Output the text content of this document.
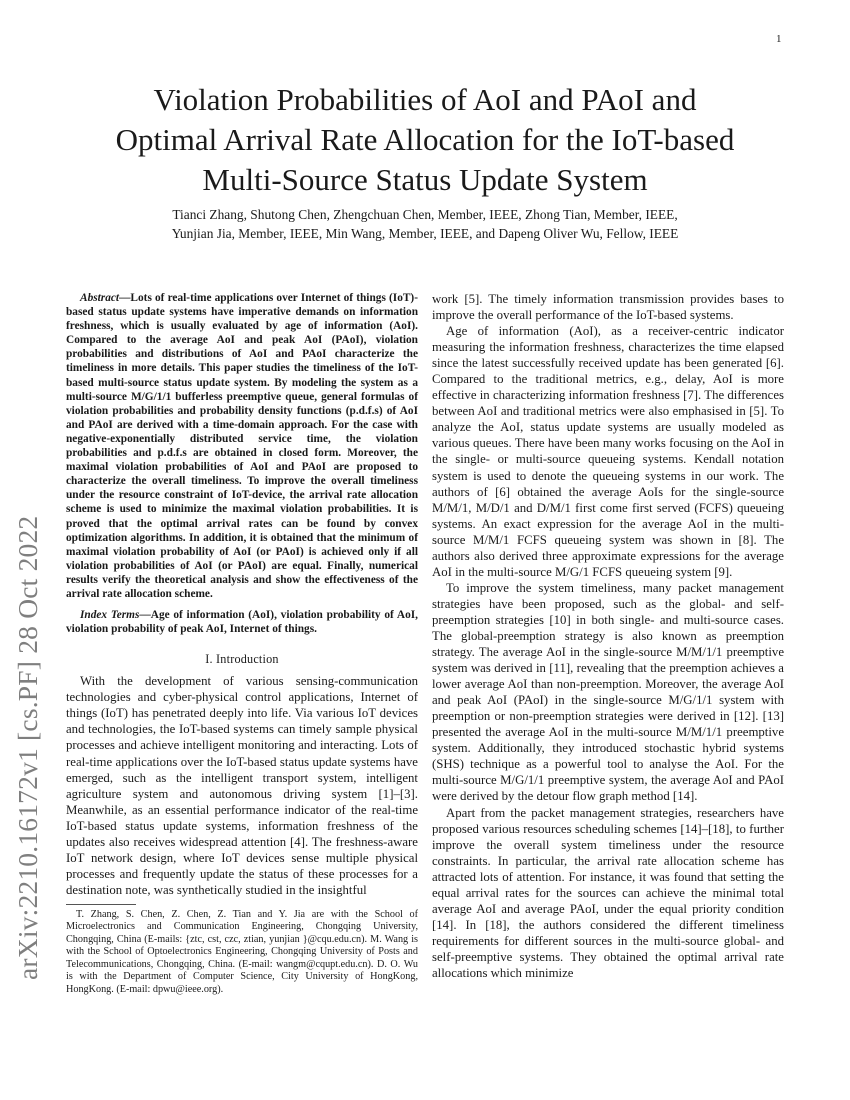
1
arXiv:2210.16172v1 [cs.PF] 28 Oct 2022
Violation Probabilities of AoI and PAoI and
Optimal Arrival Rate Allocation for the IoT-based
Multi-Source Status Update System
Tianci Zhang, Shutong Chen, Zhengchuan Chen, Member, IEEE, Zhong Tian, Member, IEEE,
Yunjian Jia, Member, IEEE, Min Wang, Member, IEEE, and Dapeng Oliver Wu, Fellow, IEEE

Abstract—Lots of real-time applications over Internet of things (IoT)-based status update systems have imperative demands on information freshness, which is usually evaluated by age of information (AoI). Compared to the average AoI and peak AoI (PAoI), violation probabilities and distributions of AoI and PAoI characterize the timeliness in more details. This paper studies the timeliness of the IoT-based multi-source status update system. By modeling the system as a multi-source M/G/1/1 bufferless preemptive queue, general formulas of violation probabilities and probability density functions (p.d.f.s) of AoI and PAoI are derived with a time-domain approach. For the case with negative-exponentially distributed service time, the violation probabilities and p.d.f.s are obtained in closed form. Moreover, the maximal violation probabilities of AoI and PAoI are proposed to characterize the overall timeliness. To improve the overall timeliness under the resource constraint of IoT-device, the arrival rate allocation scheme is used to minimize the maximal violation probabilities. It is proved that the optimal arrival rates can be found by convex optimization algorithms. In addition, it is obtained that the minimum of maximal violation probability of AoI (or PAoI) is achieved only if all violation probabilities of AoI (or PAoI) are equal. Finally, numerical results verify the theoretical analysis and show the effectiveness of the arrival rate allocation scheme.

Index Terms—Age of information (AoI), violation probability of AoI, violation probability of peak AoI, Internet of things.

I. Introduction

With the development of various sensing-communication technologies and cyber-physical control applications, Internet of things (IoT) has penetrated deeply into life. Via various IoT devices and technologies, the IoT-based systems can timely sample physical processes and achieve intelligent monitoring and interacting. Lots of real-time applications over the IoT-based status update systems have emerged, such as the intelligent transport system, intelligent agriculture system and autonomous driving system [1]–[3]. Meanwhile, as an essential performance indicator of the real-time IoT-based status update systems, information freshness of the updates also receives widespread attention [4]. The freshness-aware IoT network design, where IoT devices sense multiple physical processes and frequently update the status of these processes for a destination note, was synthetically studied in the insightful

T. Zhang, S. Chen, Z. Chen, Z. Tian and Y. Jia are with the School of Microelectronics and Communication Engineering, Chongqing University, Chongqing, China (E-mails: {ztc, cst, czc, ztian, yunjian }@cqu.edu.cn). M. Wang is with the School of Optoelectronics Engineering, Chongqing University of Posts and Telecommunications, Chongqing, China. (E-mail: wangm@cqupt.edu.cn). D. O. Wu is with the Department of Computer Science, City University of HongKong, HongKong. (E-mail: dpwu@ieee.org).

work [5]. The timely information transmission provides bases to improve the overall performance of the IoT-based systems.

Age of information (AoI), as a receiver-centric indicator measuring the information freshness, characterizes the time elapsed since the latest successfully received update has been generated [6]. Compared to the traditional metrics, e.g., delay, AoI is more effective in characterizing information freshness [7]. The differences between AoI and traditional metrics were also emphasised in [5]. To analyze the AoI, status update systems are usually modeled as various queues. There have been many works focusing on the AoI in the single- or multi-source queueing systems. Kendall notation system is used to denote the queueing systems in our work. The authors of [6] obtained the average AoIs for the single-source M/M/1, M/D/1 and D/M/1 first come first served (FCFS) queueing systems. An exact expression for the average AoI in the multi-source M/M/1 FCFS queueing system was shown in [8]. The authors also derived three approximate expressions for the average AoI in the multi-source M/G/1 FCFS queueing system [9].

To improve the system timeliness, many packet management strategies have been proposed, such as the global- and self-preemption strategies [10] in both single- and multi-source cases. The global-preemption strategy is also known as preemption strategy. The average AoI in the single-source M/M/1/1 preemptive system was derived in [11], revealing that the preemption achieves a lower average AoI than non-preemption. Moreover, the average AoI and peak AoI (PAoI) in the single-source M/G/1/1 system with preemption or non-preemption strategies were derived in [12]. [13] presented the average AoI in the multi-source M/M/1/1 preemptive system. Additionally, they introduced stochastic hybrid systems (SHS) technique as a powerful tool to analyse the AoI. For the multi-source M/G/1/1 preemptive system, the average AoI and PAoI were derived by the detour flow graph method [14].

Apart from the packet management strategies, researchers have proposed various resources scheduling schemes [14]–[18], to further improve the overall system timeliness under the resource constraints. In particular, the arrival rate allocation scheme has attracted lots of attention. For instance, it was found that setting the equal arrival rates for the sources can achieve the minimal total average AoI and average PAoI, under the equal priority condition [14]. In [18], the authors considered the different timeliness requirements for different sources in the multi-source global- and self-preemptive systems. They obtained the optimal arrival rate allocations which minimize
